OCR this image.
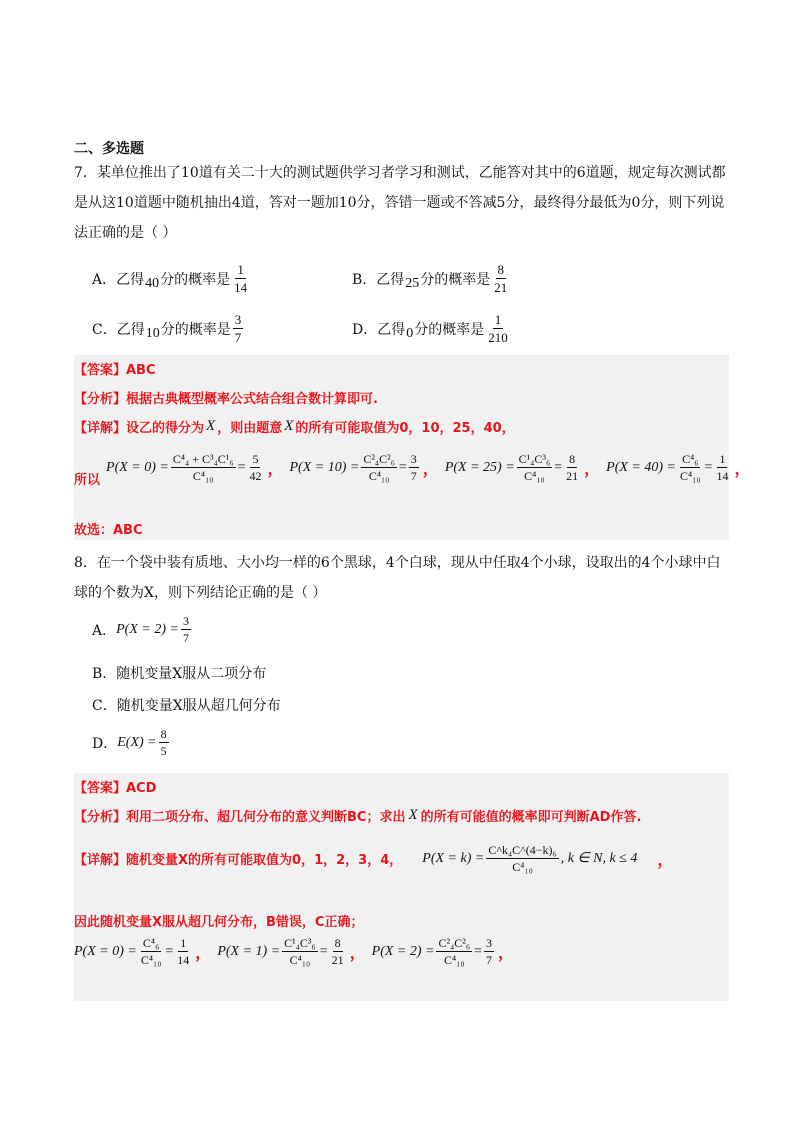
二、多选题
7．某单位推出了10道有关二十大的测试题供学习者学习和测试，乙能答对其中的6道题，规定每次测试都是从这10道题中随机抽出4道，答对一题加10分，答错一题或不答减5分，最终得分最低为0分，则下列说法正确的是（ ）
A．乙得 40 分的概率是 $\frac{1}{14}$	B．乙得 25 分的概率是 $\frac{8}{21}$
C．乙得 10 分的概率是 $\frac{3}{7}$	D．乙得 0 分的概率是 $\frac{1}{210}$
【答案】ABC
【分析】根据古典概型概率公式结合组合数计算即可.
【详解】设乙的得分为 X ，则由题意 X 的所有可能取值为0，10，25，40，
所以
$P(X = 0) = \frac{\text{C⁴₄ + C³₄C¹₆}}{\text{C⁴₁₀}} = \frac{5}{42}$ ， $P(X = 10) = \frac{\text{C²₄C²₆}}{\text{C⁴₁₀}} = \frac{3}{7}$ ， $P(X = 25) = \frac{\text{C¹₄C³₆}}{\text{C⁴₁₀}} = \frac{8}{21}$ ， $P(X = 40) = \frac{\text{C⁴₆}}{\text{C⁴₁₀}} = \frac{1}{14}$ ，
故选：ABC
8．在一个袋中装有质地、大小均一样的6个黑球，4个白球，现从中任取4个小球，设取出的4个小球中白球的个数为X，则下列结论正确的是（ ）
A． $P(X = 2) = \frac{3}{7}$
B．随机变量X服从二项分布
C．随机变量X服从超几何分布
D． $E(X) = \frac{8}{5}$
【答案】ACD
【分析】利用二项分布、超几何分布的意义判断BC；求出 X 的所有可能值的概率即可判断AD作答.
【详解】随机变量X的所有可能取值为0，1，2，3，4， $P(X = k) = \frac{\text{C\textasciicircum{}k₄C\textasciicircum{}(4−k)₆}}{\text{C⁴₁₀}}$ , k ∈ N, k ≤ 4 ，
因此随机变量X服从超几何分布，B错误，C正确；
$P(X = 0) = \frac{\text{C⁴₆}}{\text{C⁴₁₀}} = \frac{1}{14}$ ， $P(X = 1) = \frac{\text{C¹₄C³₆}}{\text{C⁴₁₀}} = \frac{8}{21}$ ， $P(X = 2) = \frac{\text{C²₄C²₆}}{\text{C⁴₁₀}} = \frac{3}{7}$ ，
